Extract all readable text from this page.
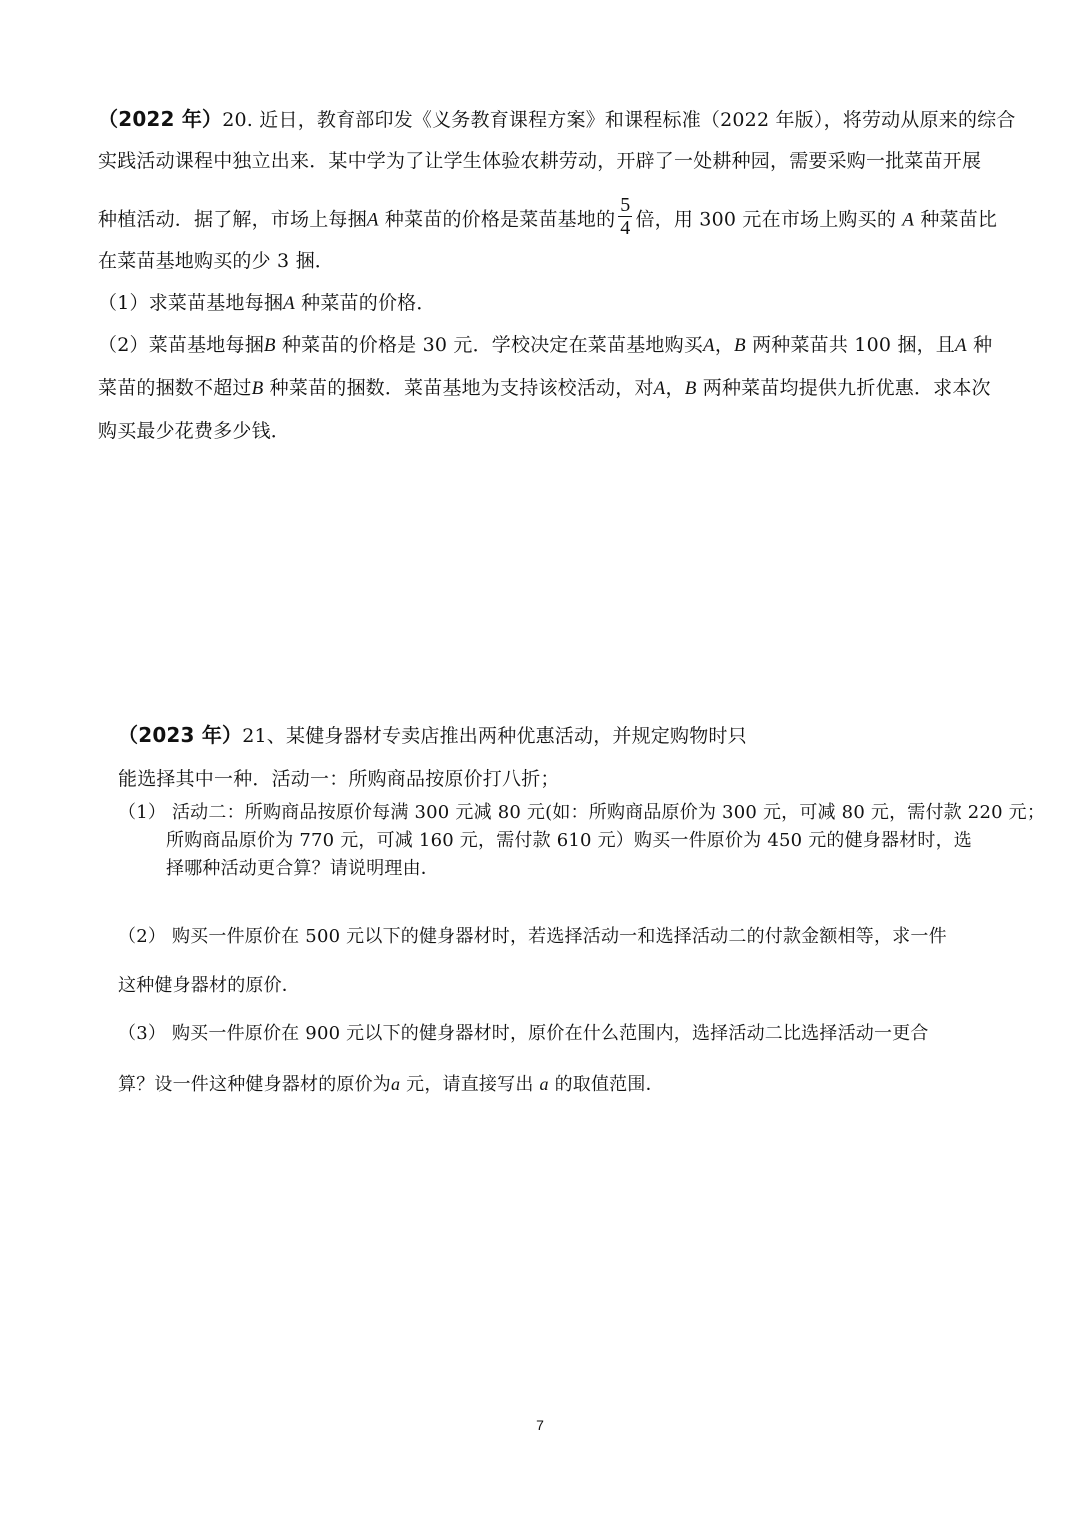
（2022 年）20. 近日，教育部印发《义务教育课程方案》和课程标准（2022 年版），将劳动从原来的综合
实践活动课程中独立出来．某中学为了让学生体验农耕劳动，开辟了一处耕种园，需要采购一批菜苗开展
种植活动．据了解，市场上每捆A 种菜苗的价格是菜苗基地的 $\frac{5}{4}$ 倍，用 300 元在市场上购买的 A 种菜苗比
在菜苗基地购买的少 3 捆．
（1）求菜苗基地每捆A 种菜苗的价格．
（2）菜苗基地每捆B 种菜苗的价格是 30 元．学校决定在菜苗基地购买A，B 两种菜苗共 100 捆，且A 种
菜苗的捆数不超过B 种菜苗的捆数．菜苗基地为支持该校活动，对A，B 两种菜苗均提供九折优惠．求本次
购买最少花费多少钱．
（2023 年）21、某健身器材专卖店推出两种优惠活动，并规定购物时只
能选择其中一种．活动一：所购商品按原价打八折；
（1） 活动二：所购商品按原价每满 300 元减 80 元(如：所购商品原价为 300 元，可减 80 元，需付款 220 元；
所购商品原价为 770 元，可减 160 元，需付款 610 元）购买一件原价为 450 元的健身器材时，选
择哪种活动更合算？请说明理由．
（2） 购买一件原价在 500 元以下的健身器材时，若选择活动一和选择活动二的付款金额相等，求一件
这种健身器材的原价．
（3） 购买一件原价在 900 元以下的健身器材时，原价在什么范围内，选择活动二比选择活动一更合
算？设一件这种健身器材的原价为a 元，请直接写出 a 的取值范围．
7
